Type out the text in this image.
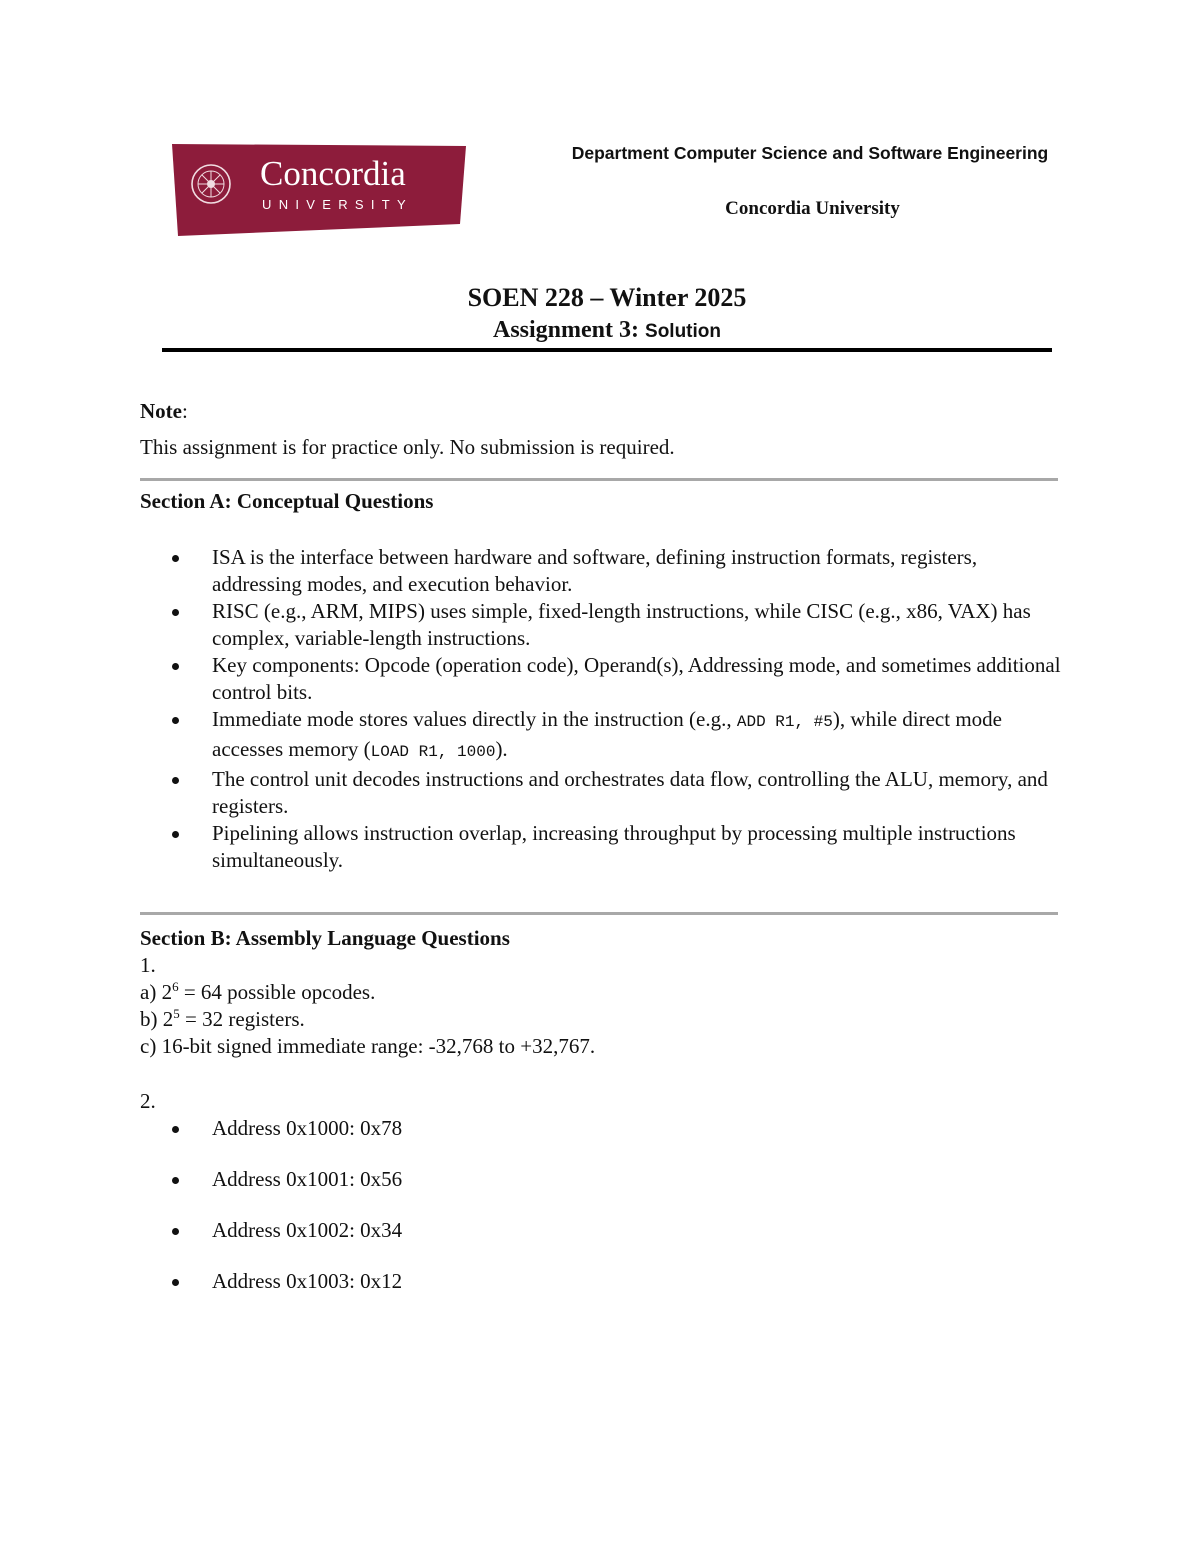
Concordia
UNIVERSITY
Department Computer Science and Software Engineering
Concordia University
SOEN 228 – Winter 2025
Assignment 3: Solution
Note:
This assignment is for practice only. No submission is required.
Section A: Conceptual Questions
ISA is the interface between hardware and software, defining instruction formats, registers, addressing modes, and execution behavior.
RISC (e.g., ARM, MIPS) uses simple, fixed-length instructions, while CISC (e.g., x86, VAX) has complex, variable-length instructions.
Key components: Opcode (operation code), Operand(s), Addressing mode, and sometimes additional control bits.
Immediate mode stores values directly in the instruction (e.g., ADD R1, #5), while direct mode accesses memory (LOAD R1, 1000).
The control unit decodes instructions and orchestrates data flow, controlling the ALU, memory, and registers.
Pipelining allows instruction overlap, increasing throughput by processing multiple instructions simultaneously.
Section B: Assembly Language Questions
1.
a) $2^6 = 64$ possible opcodes.
b) $2^5 = 32$ registers.
c) 16-bit signed immediate range: -32,768 to +32,767.
2.
Address 0x1000: 0x78
Address 0x1001: 0x56
Address 0x1002: 0x34
Address 0x1003: 0x12
